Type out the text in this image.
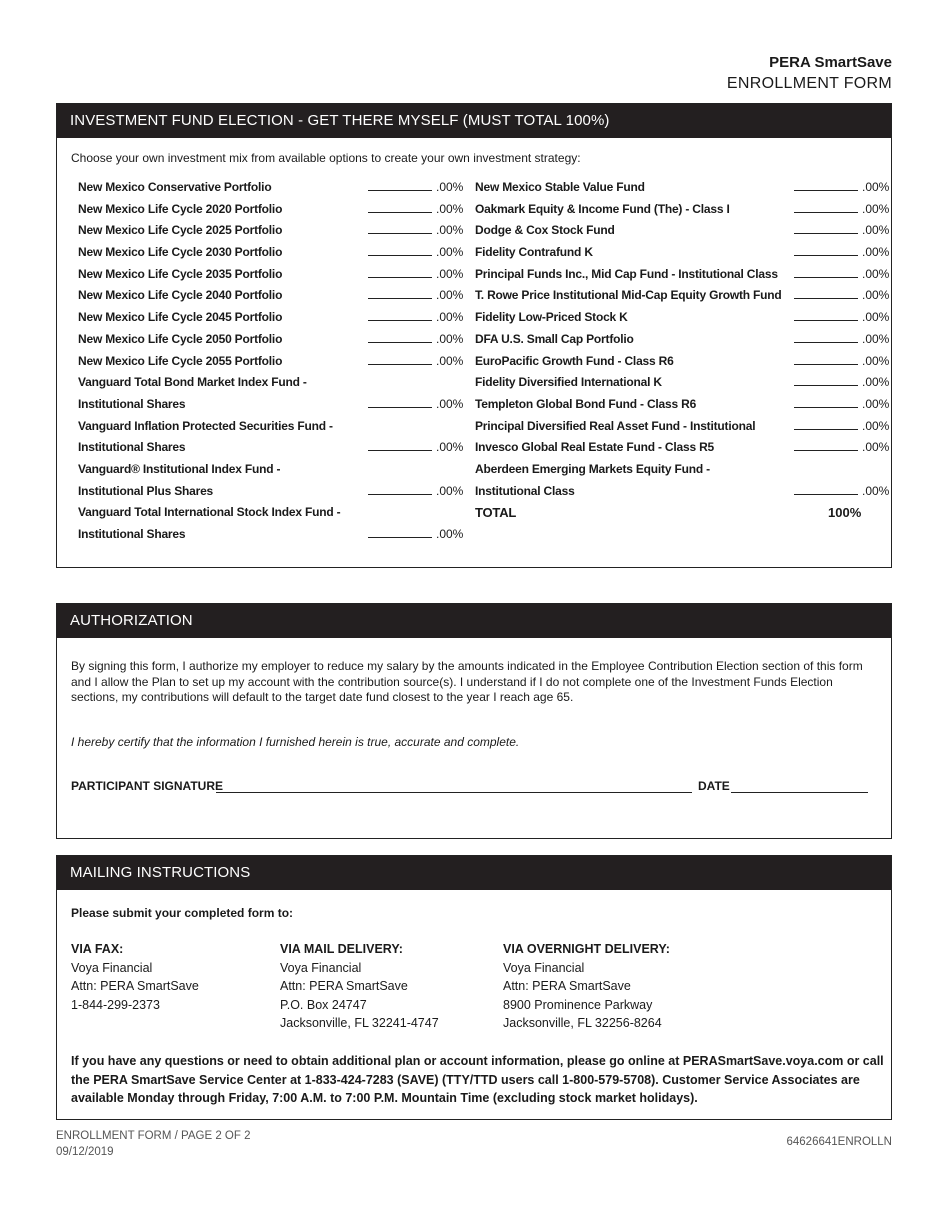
PERA SmartSave
ENROLLMENT FORM
INVESTMENT FUND ELECTION - GET THERE MYSELF (MUST TOTAL 100%)
Choose your own investment mix from available options to create your own investment strategy:
New Mexico Conservative Portfolio	.00%
New Mexico Life Cycle 2020 Portfolio	.00%
New Mexico Life Cycle 2025 Portfolio	.00%
New Mexico Life Cycle 2030 Portfolio	.00%
New Mexico Life Cycle 2035 Portfolio	.00%
New Mexico Life Cycle 2040 Portfolio	.00%
New Mexico Life Cycle 2045 Portfolio	.00%
New Mexico Life Cycle 2050 Portfolio	.00%
New Mexico Life Cycle 2055 Portfolio	.00%
Vanguard Total Bond Market Index Fund -
Institutional Shares	.00%
Vanguard Inflation Protected Securities Fund -
Institutional Shares	.00%
Vanguard® Institutional Index Fund -
Institutional Plus Shares	.00%
Vanguard Total International Stock Index Fund -
Institutional Shares	.00%
New Mexico Stable Value Fund	.00%
Oakmark Equity & Income Fund (The) - Class I	.00%
Dodge & Cox Stock Fund	.00%
Fidelity Contrafund K	.00%
Principal Funds Inc., Mid Cap Fund - Institutional Class	.00%
T. Rowe Price Institutional Mid-Cap Equity Growth Fund	.00%
Fidelity Low-Priced Stock K	.00%
DFA U.S. Small Cap Portfolio	.00%
EuroPacific Growth Fund - Class R6	.00%
Fidelity Diversified International K	.00%
Templeton Global Bond Fund - Class R6	.00%
Principal Diversified Real Asset Fund - Institutional	.00%
Invesco Global Real Estate Fund - Class R5	.00%
Aberdeen Emerging Markets Equity Fund -
Institutional Class	.00%
TOTAL	100%
AUTHORIZATION
By signing this form, I authorize my employer to reduce my salary by the amounts indicated in the Employee Contribution Election section of this form and I allow the Plan to set up my account with the contribution source(s). I understand if I do not complete one of the Investment Funds Election sections, my contributions will default to the target date fund closest to the year I reach age 65.
I hereby certify that the information I furnished herein is true, accurate and complete.
PARTICIPANT SIGNATURE	DATE
MAILING INSTRUCTIONS
Please submit your completed form to:
VIA FAX:
Voya Financial
Attn: PERA SmartSave
1-844-299-2373
VIA MAIL DELIVERY:
Voya Financial
Attn: PERA SmartSave
P.O. Box 24747
Jacksonville, FL 32241-4747
VIA OVERNIGHT DELIVERY:
Voya Financial
Attn: PERA SmartSave
8900 Prominence Parkway
Jacksonville, FL 32256-8264
If you have any questions or need to obtain additional plan or account information, please go online at PERASmartSave.voya.com or call the PERA SmartSave Service Center at 1-833-424-7283 (SAVE) (TTY/TTD users call 1-800-579-5708). Customer Service Associates are available Monday through Friday, 7:00 A.M. to 7:00 P.M. Mountain Time (excluding stock market holidays).
ENROLLMENT FORM / PAGE 2 OF 2
09/12/2019
64626641ENROLLN
